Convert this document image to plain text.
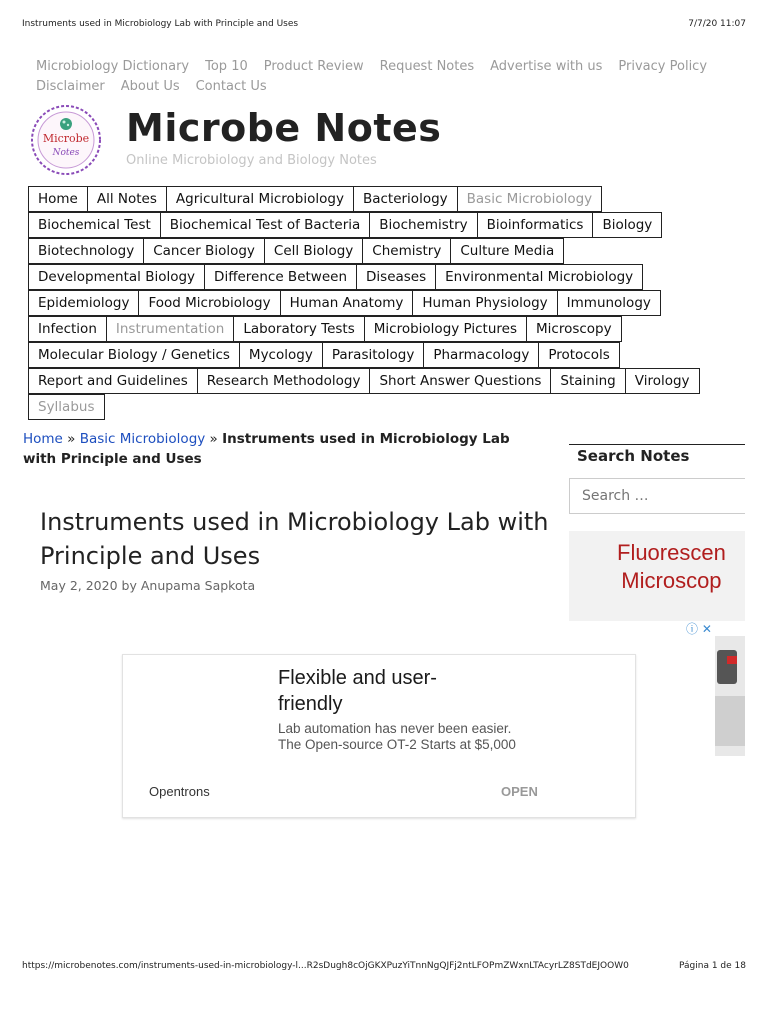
Instruments used in Microbiology Lab with Principle and Uses	7/7/20 11:07
Microbiology Dictionary Top 10 Product Review Request Notes Advertise with us Privacy PolicyDisclaimer About Us Contact Us
Microbe
Notes
Microbe Notes
Online Microbiology and Biology Notes
Home	All Notes	Agricultural Microbiology	Bacteriology	Basic Microbiology
Biochemical Test	Biochemical Test of Bacteria	Biochemistry	Bioinformatics	Biology
Biotechnology	Cancer Biology	Cell Biology	Chemistry	Culture Media
Developmental Biology	Difference Between	Diseases	Environmental Microbiology
Epidemiology	Food Microbiology	Human Anatomy	Human Physiology	Immunology
Infection	Instrumentation	Laboratory Tests	Microbiology Pictures	Microscopy
Molecular Biology / Genetics	Mycology	Parasitology	Pharmacology	Protocols
Report and Guidelines	Research Methodology	Short Answer Questions	Staining	Virology
Syllabus
Home » Basic Microbiology » Instruments used in Microbiology Lab with Principle and Uses
Instruments used in Microbiology Lab with Principle and Uses
May 2, 2020 by Anupama Sapkota
Flexible and user-friendly
Lab automation has never been easier.
The Open-source OT-2 Starts at $5,000
Opentrons	OPEN
Search Notes
Search …
Fluorescen
Microscop
ⓘ ✕
https://microbenotes.com/instruments-used-in-microbiology-l...R2sDugh8cOjGKXPuzYiTnnNgQJFj2ntLFOPmZWxnLTAcyrLZ8STdEJOOW0	Página 1 de 18
